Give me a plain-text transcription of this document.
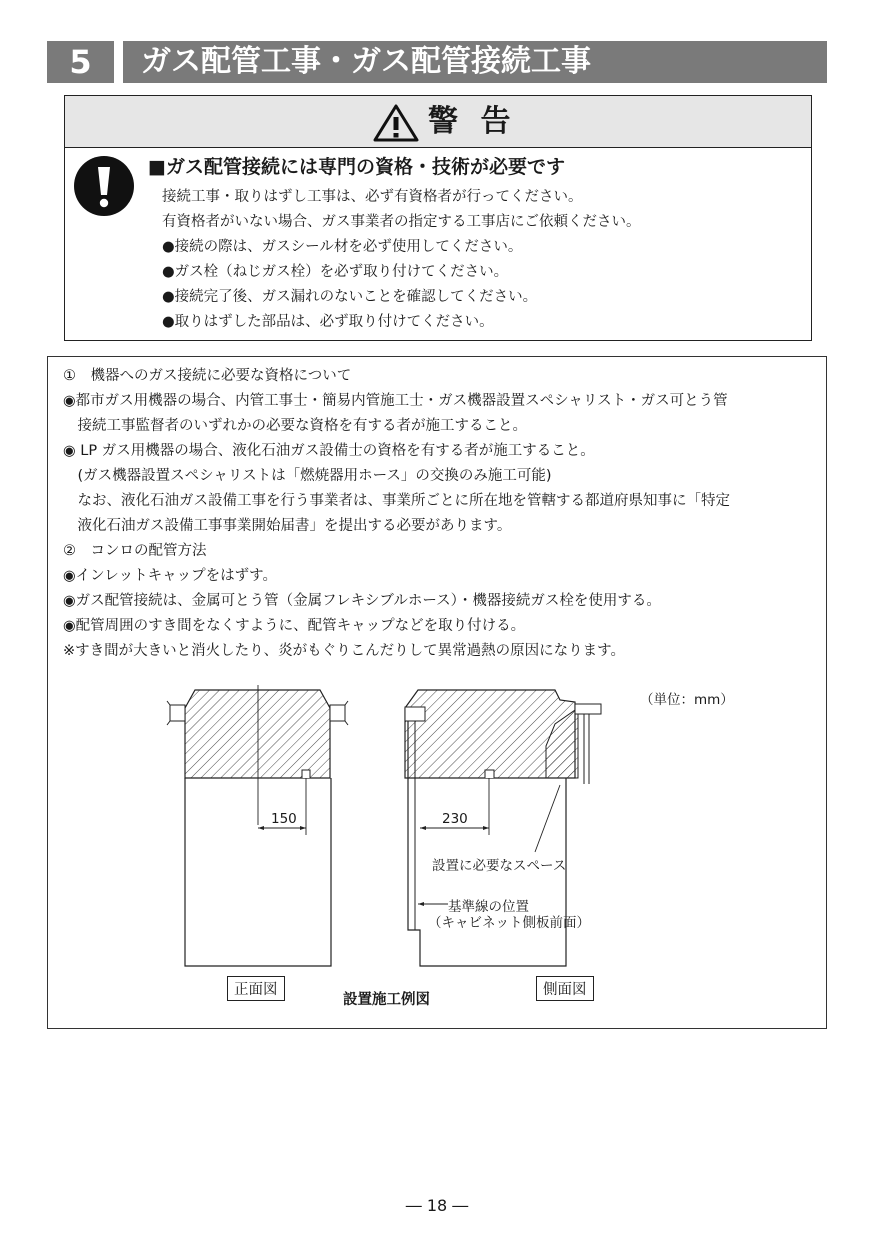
5	ガス配管工事・ガス配管接続工事
警 告
■ガス配管接続には専門の資格・技術が必要です
接続工事・取りはずし工事は、必ず有資格者が行ってください。
有資格者がいない場合、ガス事業者の指定する工事店にご依頼ください。
●接続の際は、ガスシール材を必ず使用してください。
●ガス栓（ねじガス栓）を必ず取り付けてください。
●接続完了後、ガス漏れのないことを確認してください。
●取りはずした部品は、必ず取り付けてください。
①　機器へのガス接続に必要な資格について
◉都市ガス用機器の場合、内管工事士・簡易内管施工士・ガス機器設置スペシャリスト・ガス可とう管
　接続工事監督者のいずれかの必要な資格を有する者が施工すること。
◉ LP ガス用機器の場合、液化石油ガス設備士の資格を有する者が施工すること。
　(ガス機器設置スペシャリストは「燃焼器用ホース」の交換のみ施工可能)
　なお、液化石油ガス設備工事を行う事業者は、事業所ごとに所在地を管轄する都道府県知事に「特定
　液化石油ガス設備工事事業開始届書」を提出する必要があります。
②　コンロの配管方法
◉インレットキャップをはずす。
◉ガス配管接続は、金属可とう管（金属フレキシブルホース）・機器接続ガス栓を使用する。
◉配管周囲のすき間をなくすように、配管キャップなどを取り付ける。
※すき間が大きいと消火したり、炎がもぐりこんだりして異常過熱の原因になります。
（単位：mm）
150	230
設置に必要なスペース
基準線の位置
（キャビネット側板前面）
正面図	側面図
設置施工例図
― 18 ―
